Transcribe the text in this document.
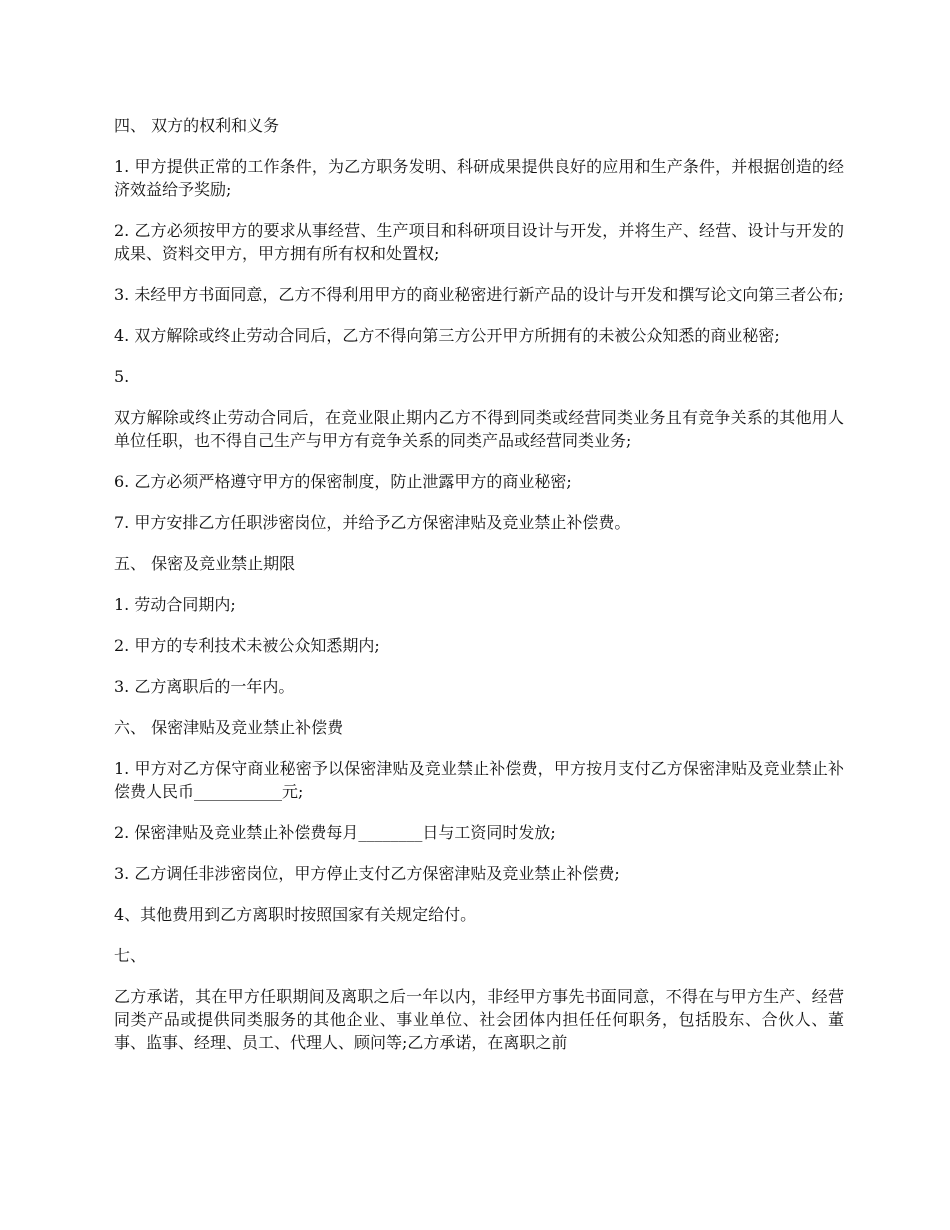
四、 双方的权利和义务

1. 甲方提供正常的工作条件，为乙方职务发明、科研成果提供良好的应用和生产条件，并根据创造的经济效益给予奖励;

2. 乙方必须按甲方的要求从事经营、生产项目和科研项目设计与开发，并将生产、经营、设计与开发的成果、资料交甲方，甲方拥有所有权和处置权;

3. 未经甲方书面同意，乙方不得利用甲方的商业秘密进行新产品的设计与开发和撰写论文向第三者公布;

4. 双方解除或终止劳动合同后，乙方不得向第三方公开甲方所拥有的未被公众知悉的商业秘密;

5.

双方解除或终止劳动合同后，在竞业限止期内乙方不得到同类或经营同类业务且有竞争关系的其他用人单位任职，也不得自己生产与甲方有竞争关系的同类产品或经营同类业务;

6. 乙方必须严格遵守甲方的保密制度，防止泄露甲方的商业秘密;

7. 甲方安排乙方任职涉密岗位，并给予乙方保密津贴及竞业禁止补偿费。

五、 保密及竞业禁止期限

1. 劳动合同期内;

2. 甲方的专利技术未被公众知悉期内;

3. 乙方离职后的一年内。

六、 保密津贴及竞业禁止补偿费

1. 甲方对乙方保守商业秘密予以保密津贴及竞业禁止补偿费，甲方按月支付乙方保密津贴及竞业禁止补偿费人民币___________元;

2. 保密津贴及竞业禁止补偿费每月________日与工资同时发放;

3. 乙方调任非涉密岗位，甲方停止支付乙方保密津贴及竞业禁止补偿费;

4、其他费用到乙方离职时按照国家有关规定给付。

七、

乙方承诺，其在甲方任职期间及离职之后一年以内，非经甲方事先书面同意，不得在与甲方生产、经营同类产品或提供同类服务的其他企业、事业单位、社会团体内担任任何职务，包括股东、合伙人、董事、监事、经理、员工、代理人、顾问等;乙方承诺，在离职之前
